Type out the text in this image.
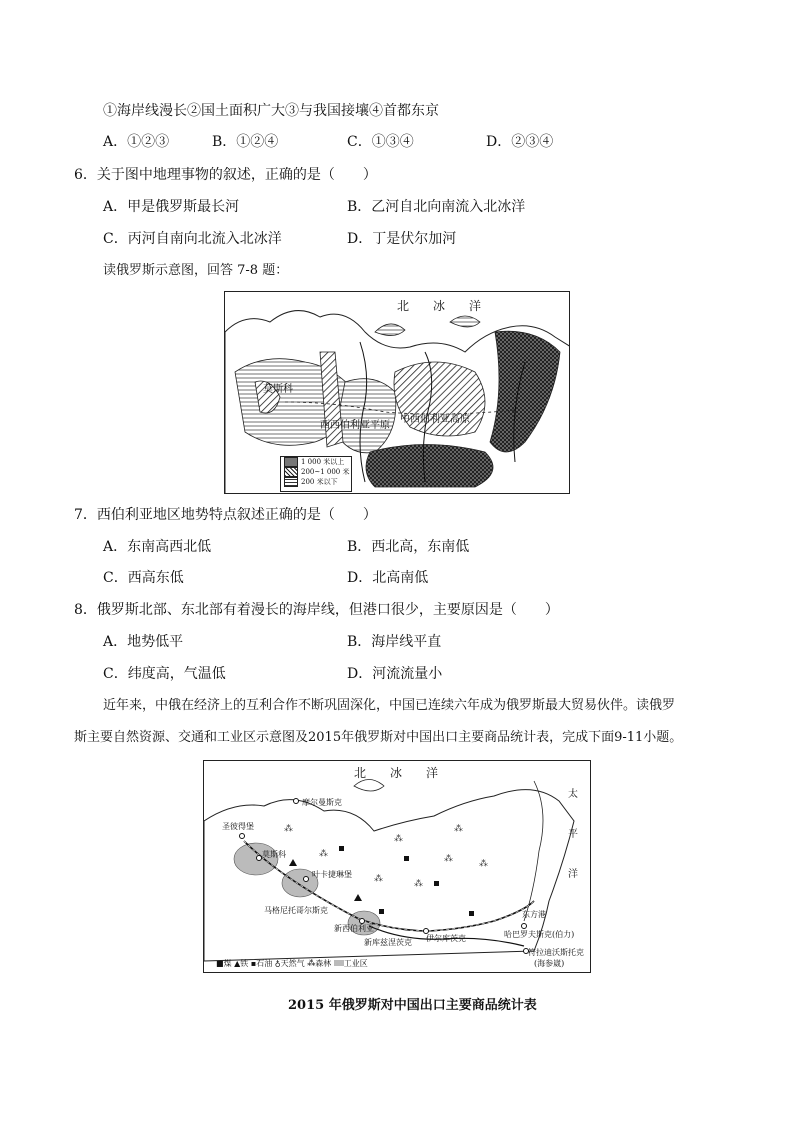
①海岸线漫长②国土面积广大③与我国接壤④首都东京
A．①②③	B．①②④	C．①③④	D．②③④
6．关于图中地理事物的叙述，正确的是（　　）
A．甲是俄罗斯最长河	B．乙河自北向南流入北冰洋
C．丙河自南向北流入北冰洋	D．丁是伏尔加河
读俄罗斯示意图，回答 7-8 题：
北　冰　洋
莫斯科
西西伯利亚平原
中西伯利亚高原
1 000 米以上
200~1 000 米
200 米以下
7．西伯利亚地区地势特点叙述正确的是（　　）
A．东南高西北低	B．西北高，东南低
C．西高东低	D．北高南低
8．俄罗斯北部、东北部有着漫长的海岸线，但港口很少，主要原因是（　　）
A．地势低平	B．海岸线平直
C．纬度高，气温低	D．河流流量小
近年来，中俄在经济上的互利合作不断巩固深化，中国已连续六年成为俄罗斯最大贸易伙伴。读俄罗
斯主要自然资源、交通和工业区示意图及2015年俄罗斯对中国出口主要商品统计表，完成下面9-11小题。
⁂
⁂
⁂	⁂
⁂	⁂
⁂
⁂
北　冰　洋
太
平
洋
摩尔曼斯克
圣彼得堡
莫斯科
叶卡捷琳堡
马格尼托哥尔斯克
新西伯利亚
新库兹涅茨克 伊尔库茨克
东方港
哈巴罗夫斯克(伯力)
符拉迪沃斯托克
(海参崴)
■煤 ▲铁 ▪石油 ♁天然气 ⁂森林 工业区
2015 年俄罗斯对中国出口主要商品统计表
